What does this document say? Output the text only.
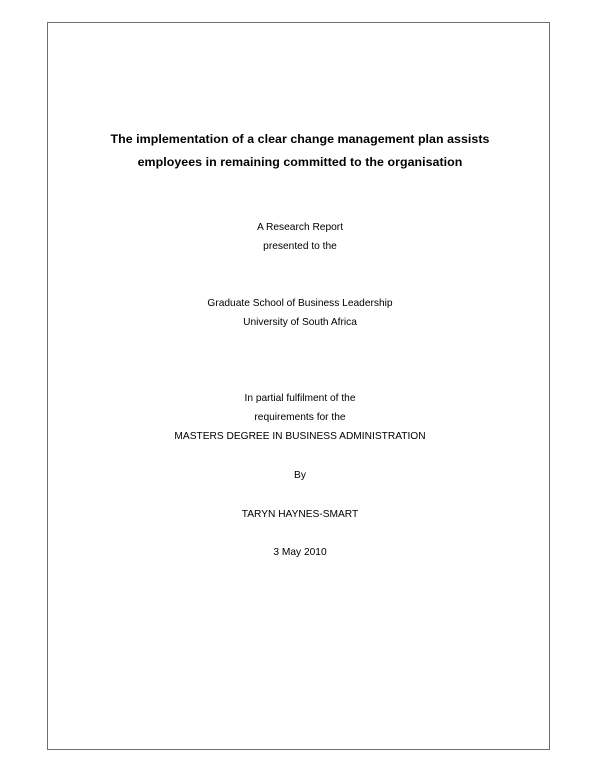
The implementation of a clear change management plan assists

employees in remaining committed to the organisation

A Research Report

presented to the

Graduate School of Business Leadership

University of South Africa

In partial fulfilment of the

requirements for the

MASTERS DEGREE IN BUSINESS ADMINISTRATION

By

TARYN HAYNES-SMART

3 May 2010
